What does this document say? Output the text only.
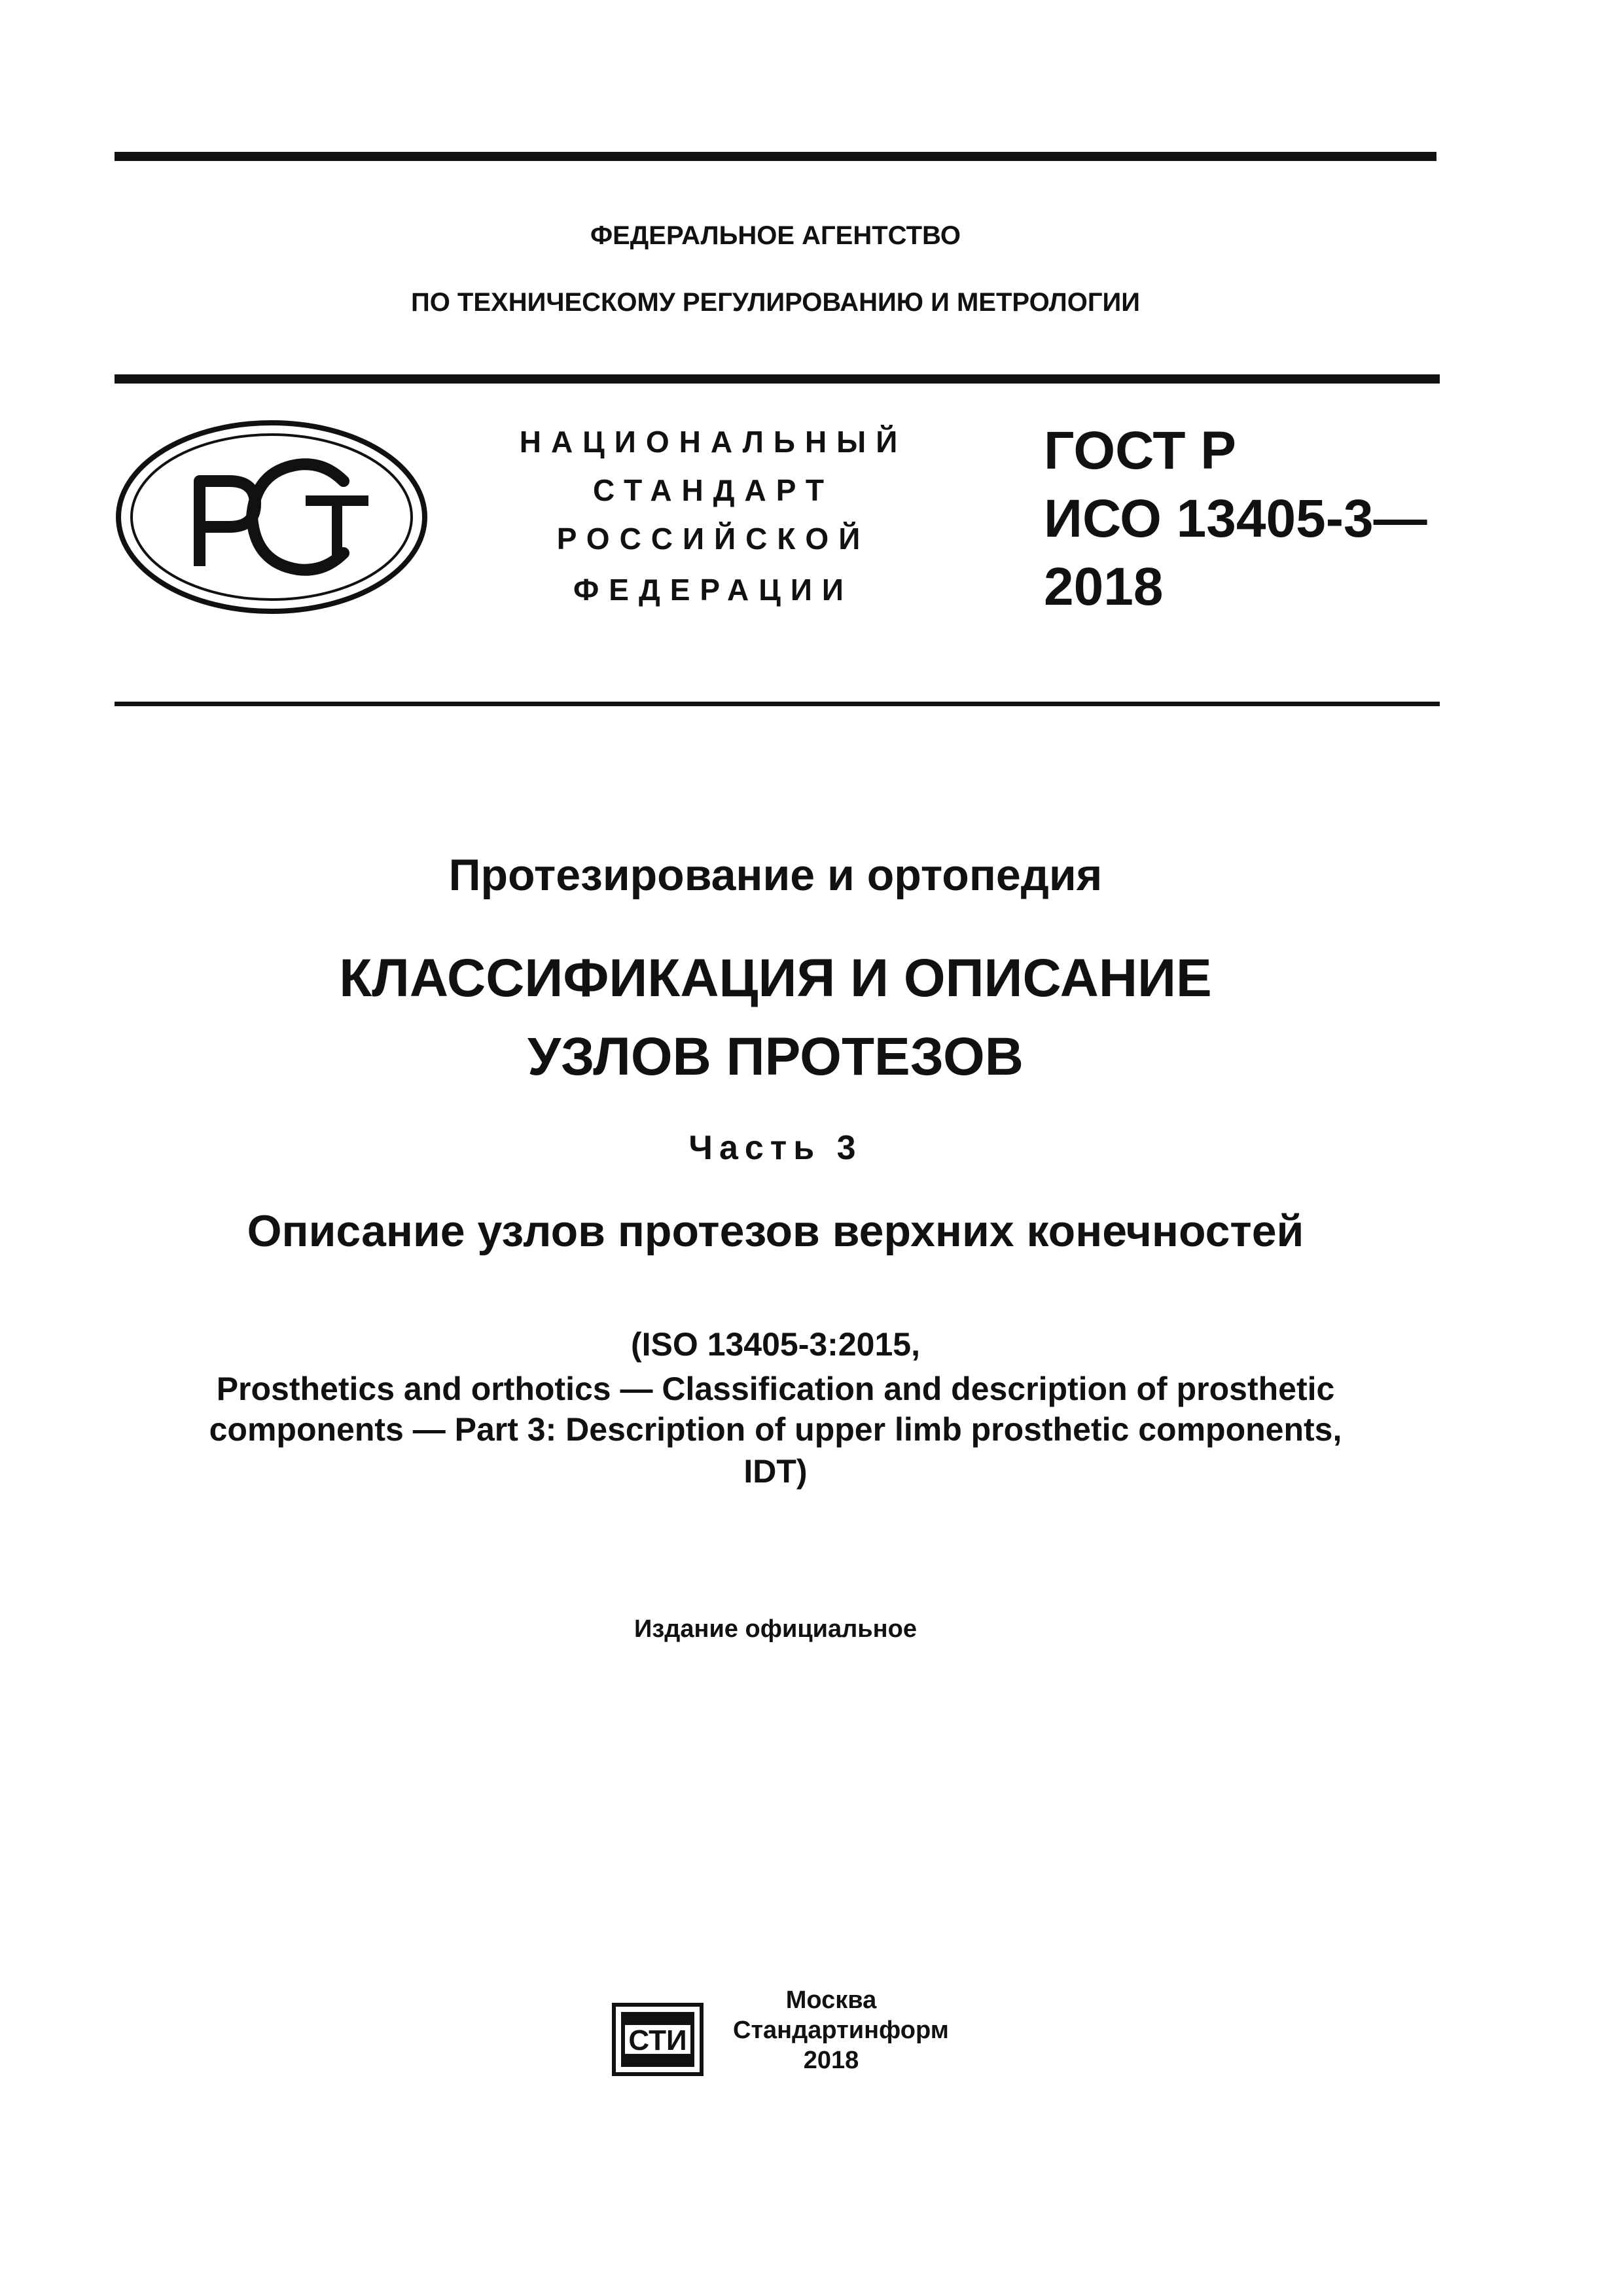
ФЕДЕРАЛЬНОЕ АГЕНТСТВО
ПО ТЕХНИЧЕСКОМУ РЕГУЛИРОВАНИЮ И МЕТРОЛОГИИ
НАЦИОНАЛЬНЫЙ
СТАНДАРТ
РОССИЙСКОЙ
ФЕДЕРАЦИИ
ГОСТ Р
ИСО 13405-3—
2018
Протезирование и ортопедия
КЛАССИФИКАЦИЯ И ОПИСАНИЕ
УЗЛОВ ПРОТЕЗОВ
Часть 3
Описание узлов протезов верхних конечностей
(ISO 13405-3:2015,
Prosthetics and orthotics — Classification and description of prosthetic
components — Part 3: Description of upper limb prosthetic components,
IDT)
Издание официальное
СТИ
Москва
Стандартинформ
2018
